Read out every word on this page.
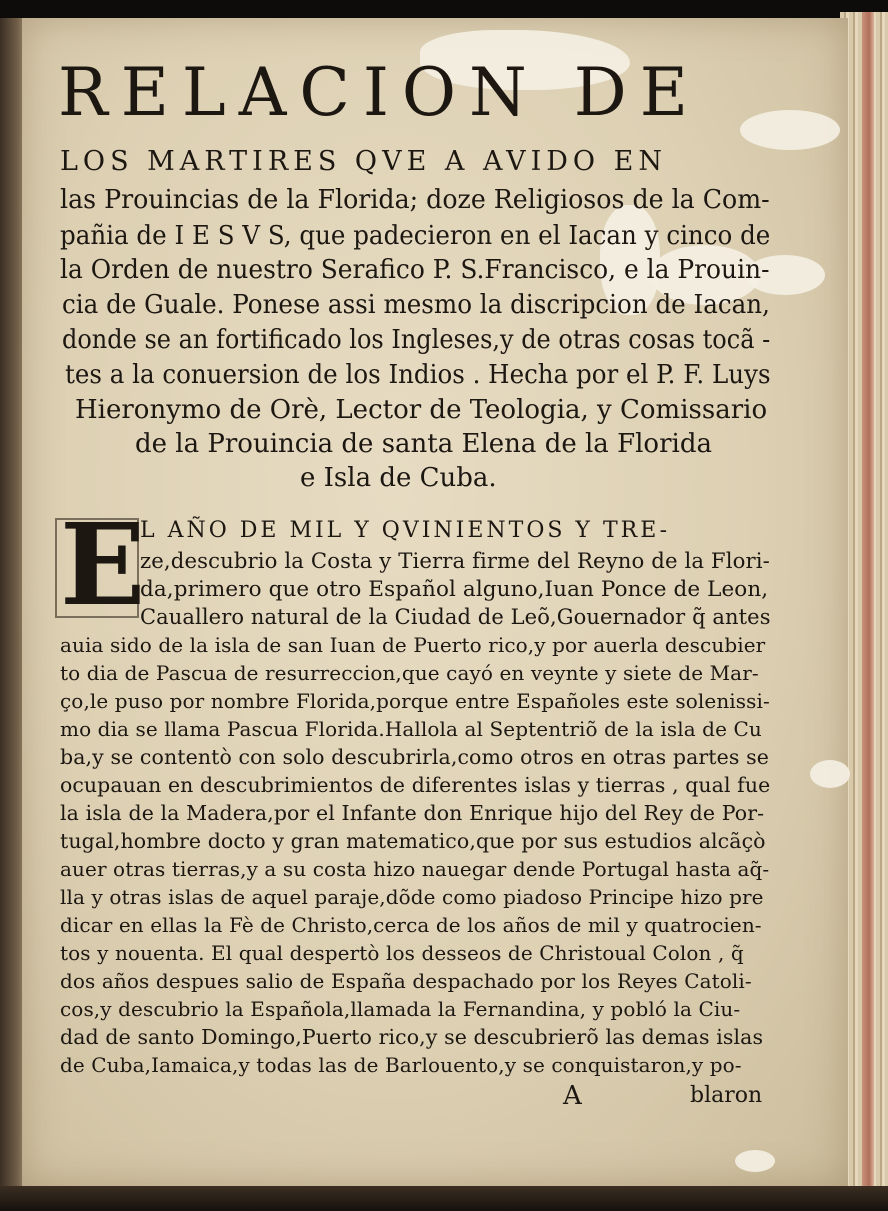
RELACION DE
LOS MARTIRES QVE A AVIDO EN
las Prouincias de la Florida; doze Religiosos de la Com-
pañia de I E S V S, que padecieron en el Iacan y cinco de
la Orden de nuestro Serafico P. S.Francisco, e la Prouin-
cia de Guale. Ponese assi mesmo la discripcion de Iacan,
donde se an fortificado los Ingleses,y de otras cosas tocã -
tes a la conuersion de los Indios . Hecha por el P. F. Luys
Hieronymo de Orè, Lector de Teologia, y Comissario
de la Prouincia de santa Elena de la Florida
e Isla de Cuba.
E
L AÑO DE MIL Y QVINIENTOS Y TRE-
ze,descubrio la Costa y Tierra firme del Reyno de la Flori-
da,primero que otro Español alguno,Iuan Ponce de Leon,
Cauallero natural de la Ciudad de Leõ,Gouernador q̃ antes
auia sido de la isla de san Iuan de Puerto rico,y por auerla descubier
to dia de Pascua de resurreccion,que cayó en veynte y siete de Mar-
ço,le puso por nombre Florida,porque entre Españoles este solenissi-
mo dia se llama Pascua Florida.Hallola al Septentriõ de la isla de Cu
ba,y se contentò con solo descubrirla,como otros en otras partes se
ocupauan en descubrimientos de diferentes islas y tierras , qual fue
la isla de la Madera,por el Infante don Enrique hijo del Rey de Por-
tugal,hombre docto y gran matematico,que por sus estudios alcãçò
auer otras tierras,y a su costa hizo nauegar dende Portugal hasta aq̃-
lla y otras islas de aquel paraje,dõde como piadoso Principe hizo pre
dicar en ellas la Fè de Christo,cerca de los años de mil y quatrocien-
tos y nouenta. El qual despertò los desseos de Christoual Colon , q̃
dos años despues salio de España despachado por los Reyes Catoli-
cos,y descubrio la Española,llamada la Fernandina, y pobló la Ciu-
dad de santo Domingo,Puerto rico,y se descubrierõ las demas islas
de Cuba,Iamaica,y todas las de Barlouento,y se conquistaron,y po-
A	blaron
